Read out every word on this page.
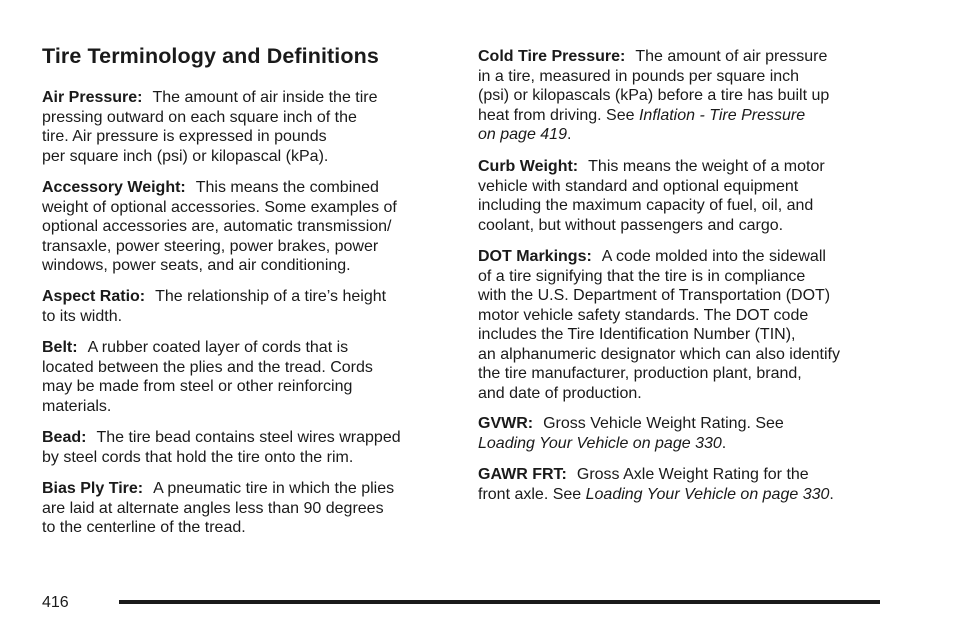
Tire Terminology and Definitions

Air Pressure: The amount of air inside the tire
pressing outward on each square inch of the
tire. Air pressure is expressed in pounds
per square inch (psi) or kilopascal (kPa).

Accessory Weight: This means the combined
weight of optional accessories. Some examples of
optional accessories are, automatic transmission/
transaxle, power steering, power brakes, power
windows, power seats, and air conditioning.

Aspect Ratio: The relationship of a tire’s height
to its width.

Belt: A rubber coated layer of cords that is
located between the plies and the tread. Cords
may be made from steel or other reinforcing
materials.

Bead: The tire bead contains steel wires wrapped
by steel cords that hold the tire onto the rim.

Bias Ply Tire: A pneumatic tire in which the plies
are laid at alternate angles less than 90 degrees
to the centerline of the tread.

Cold Tire Pressure: The amount of air pressure
in a tire, measured in pounds per square inch
(psi) or kilopascals (kPa) before a tire has built up
heat from driving. See Inflation - Tire Pressure
on page 419.

Curb Weight: This means the weight of a motor
vehicle with standard and optional equipment
including the maximum capacity of fuel, oil, and
coolant, but without passengers and cargo.

DOT Markings: A code molded into the sidewall
of a tire signifying that the tire is in compliance
with the U.S. Department of Transportation (DOT)
motor vehicle safety standards. The DOT code
includes the Tire Identification Number (TIN),
an alphanumeric designator which can also identify
the tire manufacturer, production plant, brand,
and date of production.

GVWR: Gross Vehicle Weight Rating. See
Loading Your Vehicle on page 330.

GAWR FRT: Gross Axle Weight Rating for the
front axle. See Loading Your Vehicle on page 330.

416
